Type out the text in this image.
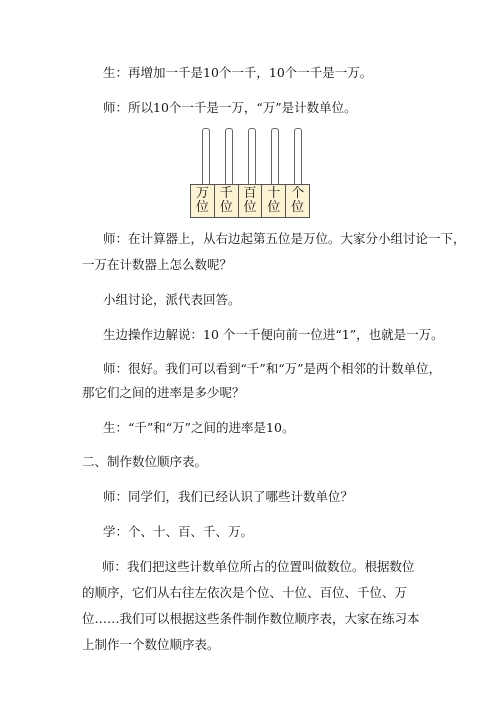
生：再增加一千是10个一千，10个一千是一万。
师：所以10个一千是一万，“万”是计数单位。
万
位
千
位
百
位
十
位
个
位
师：在计算器上，从右边起第五位是万位。大家分小组讨论一下，
一万在计数器上怎么数呢？
小组讨论，派代表回答。
生边操作边解说：10 个一千便向前一位进“1”，也就是一万。
师：很好。我们可以看到“千”和“万”是两个相邻的计数单位，
那它们之间的进率是多少呢？
生：“千”和“万”之间的进率是10。
二、制作数位顺序表。
师：同学们，我们已经认识了哪些计数单位？
学：个、十、百、千、万。
师：我们把这些计数单位所占的位置叫做数位。根据数位的顺序，它们从右往左依次是个位、十位、百位、千位、万位……我们可以根据这些条件制作数位顺序表，大家在练习本上制作一个数位顺序表。
